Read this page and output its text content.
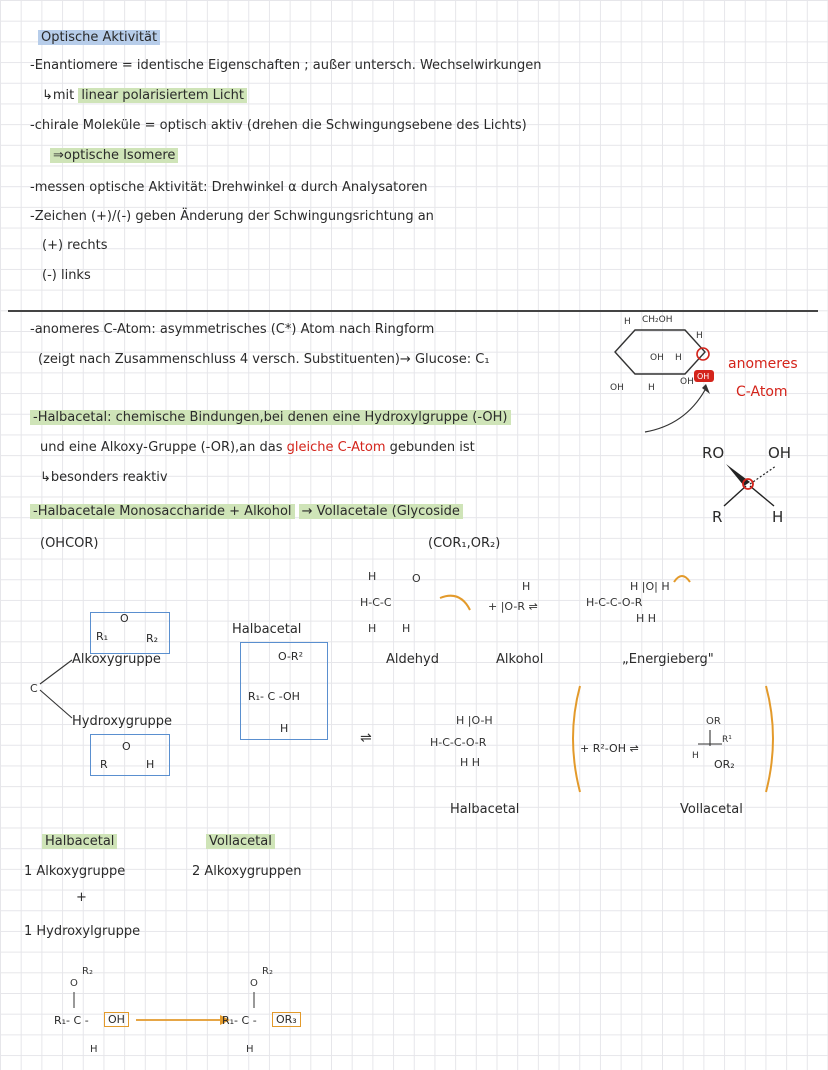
Optische Aktivität
-Enantiomere = identische Eigenschaften ; außer untersch. Wechselwirkungen
↳mit linear polarisiertem Licht
-chirale Moleküle = optisch aktiv (drehen die Schwingungsebene des Lichts)
⇒optische Isomere
-messen optische Aktivität: Drehwinkel α durch Analysatoren
-Zeichen (+)/(-) geben Änderung der Schwingungsrichtung an
(+) rechts
(-) links
-anomeres C-Atom: asymmetrisches (C*) Atom nach Ringform
(zeigt nach Zusammenschluss 4 versch. Substituenten)→ Glucose: C₁
H CH₂OH
OH H
OH	H
OH
H
OH
anomeres
C-Atom
-Halbacetal: chemische Bindungen,bei denen eine Hydroxylgruppe (-OH)
und eine Alkoxy-Gruppe (-OR),an das gleiche C-Atom gebunden ist
↳besonders reaktiv
RO	OH
R	H
-Halbacetale Monosaccharide + Alkohol → Vollacetale (Glycoside
(OHCOR)	(COR₁,OR₂)
R₁	R₂
O
Alkoxygruppe
Hydroxygruppe
R
O
H
C
Halbacetal
O-R²
R₁- C -OH
H
H
H-C-C
H H
O
+ |O-R ⇌
H
H-C-C-O-R
H |O| H
H H
Aldehyd	Alkohol	„Energieberg"
⇌
H |O-H
H-C-C-O-R
H H
Halbacetal
OR
R¹
H
+ R²-OH ⇌
OR₂
Vollacetal
Halbacetal	Vollacetal
1 Alkoxygruppe	2 Alkoxygruppen
+
1 Hydroxylgruppe
R₂
O
H
R₂
O
H
R₁- C -	OH	R₁- C -	OR₃
